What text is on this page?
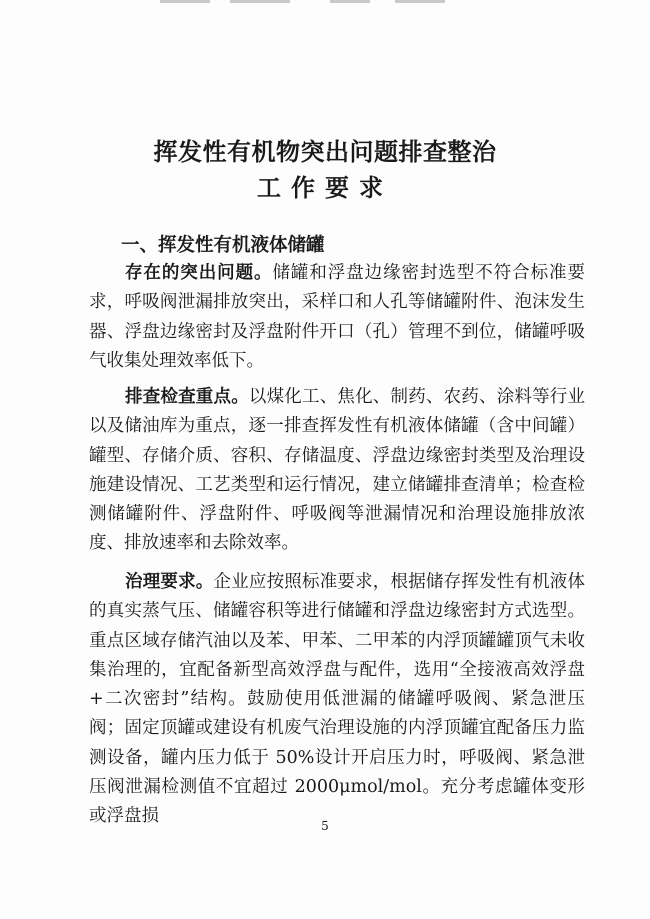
挥发性有机物突出问题排查整治
工作要求
一、挥发性有机液体储罐

存在的突出问题。储罐和浮盘边缘密封选型不符合标准要求，呼吸阀泄漏排放突出，采样口和人孔等储罐附件、泡沫发生器、浮盘边缘密封及浮盘附件开口（孔）管理不到位，储罐呼吸气收集处理效率低下。

排查检查重点。以煤化工、焦化、制药、农药、涂料等行业以及储油库为重点，逐一排查挥发性有机液体储罐（含中间罐）罐型、存储介质、容积、存储温度、浮盘边缘密封类型及治理设施建设情况、工艺类型和运行情况，建立储罐排查清单；检查检测储罐附件、浮盘附件、呼吸阀等泄漏情况和治理设施排放浓度、排放速率和去除效率。

治理要求。企业应按照标准要求，根据储存挥发性有机液体的真实蒸气压、储罐容积等进行储罐和浮盘边缘密封方式选型。重点区域存储汽油以及苯、甲苯、二甲苯的内浮顶罐罐顶气未收集治理的，宜配备新型高效浮盘与配件，选用“全接液高效浮盘+二次密封”结构。鼓励使用低泄漏的储罐呼吸阀、紧急泄压阀；固定顶罐或建设有机废气治理设施的内浮顶罐宜配备压力监测设备，罐内压力低于 50%设计开启压力时，呼吸阀、紧急泄压阀泄漏检测值不宜超过 2000μmol/mol。充分考虑罐体变形或浮盘损	5
